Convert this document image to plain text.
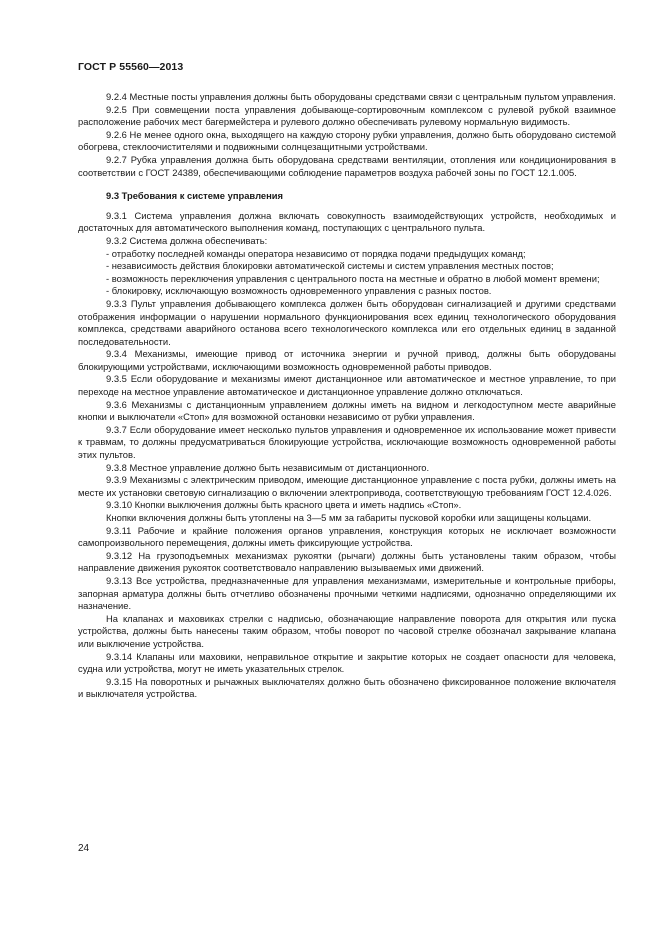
ГОСТ Р 55560—2013

9.2.4 Местные посты управления должны быть оборудованы средствами связи с центральным пультом управления.

9.2.5 При совмещении поста управления добывающе-сортировочным комплексом с рулевой рубкой взаимное расположение рабочих мест багермейстера и рулевого должно обеспечивать рулевому нормальную видимость.

9.2.6 Не менее одного окна, выходящего на каждую сторону рубки управления, должно быть оборудовано системой обогрева, стеклоочистителями и подвижными солнцезащитными устройствами.

9.2.7 Рубка управления должна быть оборудована средствами вентиляции, отопления или кондиционирования в соответствии с ГОСТ 24389, обеспечивающими соблюдение параметров воздуха рабочей зоны по ГОСТ 12.1.005.

9.3 Требования к системе управления

9.3.1 Система управления должна включать совокупность взаимодействующих устройств, необходимых и достаточных для автоматического выполнения команд, поступающих с центрального пульта.

9.3.2 Система должна обеспечивать:

- отработку последней команды оператора независимо от порядка подачи предыдущих команд;

- независимость действия блокировки автоматической системы и систем управления местных постов;

- возможность переключения управления с центрального поста на местные и обратно в любой момент времени;

- блокировку, исключающую возможность одновременного управления с разных постов.

9.3.3 Пульт управления добывающего комплекса должен быть оборудован сигнализацией и другими средствами отображения информации о нарушении нормального функционирования всех единиц технологического оборудования комплекса, средствами аварийного останова всего технологического комплекса или его отдельных единиц в заданной последовательности.

9.3.4 Механизмы, имеющие привод от источника энергии и ручной привод, должны быть оборудованы блокирующими устройствами, исключающими возможность одновременной работы приводов.

9.3.5 Если оборудование и механизмы имеют дистанционное или автоматическое и местное управление, то при переходе на местное управление автоматическое и дистанционное управление должно отключаться.

9.3.6 Механизмы с дистанционным управлением должны иметь на видном и легкодоступном месте аварийные кнопки и выключатели «Стоп» для возможной остановки независимо от рубки управления.

9.3.7 Если оборудование имеет несколько пультов управления и одновременное их использование может привести к травмам, то должны предусматриваться блокирующие устройства, исключающие возможность одновременной работы этих пультов.

9.3.8 Местное управление должно быть независимым от дистанционного.

9.3.9 Механизмы с электрическим приводом, имеющие дистанционное управление с поста рубки, должны иметь на месте их установки световую сигнализацию о включении электропривода, соответствующую требованиям ГОСТ 12.4.026.

9.3.10 Кнопки выключения должны быть красного цвета и иметь надпись «Стоп».

Кнопки включения должны быть утоплены на 3—5 мм за габариты пусковой коробки или защищены кольцами.

9.3.11 Рабочие и крайние положения органов управления, конструкция которых не исключает возможности самопроизвольного перемещения, должны иметь фиксирующие устройства.

9.3.12 На грузоподъемных механизмах рукоятки (рычаги) должны быть установлены таким образом, чтобы направление движения рукояток соответствовало направлению вызываемых ими движений.

9.3.13 Все устройства, предназначенные для управления механизмами, измерительные и контрольные приборы, запорная арматура должны быть отчетливо обозначены прочными четкими надписями, однозначно определяющими их назначение.

На клапанах и маховиках стрелки с надписью, обозначающие направление поворота для открытия или пуска устройства, должны быть нанесены таким образом, чтобы поворот по часовой стрелке обозначал закрывание клапана или выключение устройства.

9.3.14 Клапаны или маховики, неправильное открытие и закрытие которых не создает опасности для человека, судна или устройства, могут не иметь указательных стрелок.

9.3.15 На поворотных и рычажных выключателях должно быть обозначено фиксированное положение включателя и выключателя устройства.

24
